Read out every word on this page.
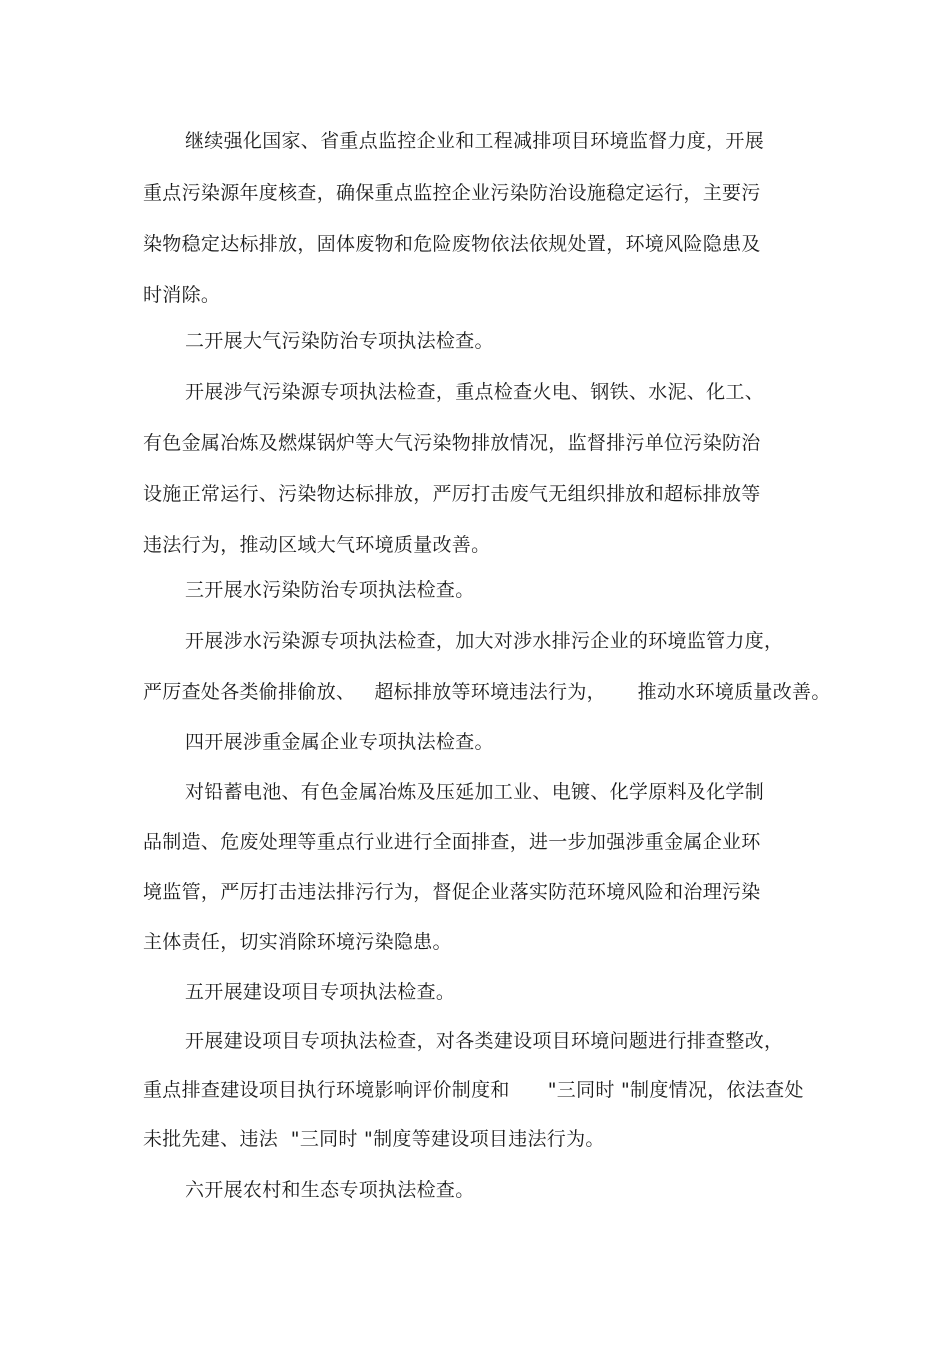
继续强化国家、省重点监控企业和工程减排项目环境监督力度，开展

重点污染源年度核查，确保重点监控企业污染防治设施稳定运行，主要污

染物稳定达标排放，固体废物和危险废物依法依规处置，环境风险隐患及

时消除。

二开展大气污染防治专项执法检查。

开展涉气污染源专项执法检查，重点检查火电、钢铁、水泥、化工、

有色金属冶炼及燃煤锅炉等大气污染物排放情况，监督排污单位污染防治

设施正常运行、污染物达标排放，严厉打击废气无组织排放和超标排放等

违法行为，推动区域大气环境质量改善。

三开展水污染防治专项执法检查。

开展涉水污染源专项执法检查，加大对涉水排污企业的环境监管力度，

严厉查处各类偷排偷放、   超标排放等环境违法行为，     推动水环境质量改善。

四开展涉重金属企业专项执法检查。

对铅蓄电池、有色金属冶炼及压延加工业、电镀、化学原料及化学制

品制造、危废处理等重点行业进行全面排查，进一步加强涉重金属企业环

境监管，严厉打击违法排污行为，督促企业落实防范环境风险和治理污染

主体责任，切实消除环境污染隐患。

五开展建设项目专项执法检查。

开展建设项目专项执法检查，对各类建设项目环境问题进行排查整改，

重点排查建设项目执行环境影响评价制度和      "三同时 "制度情况，依法查处

未批先建、违法  "三同时 "制度等建设项目违法行为。

六开展农村和生态专项执法检查。
